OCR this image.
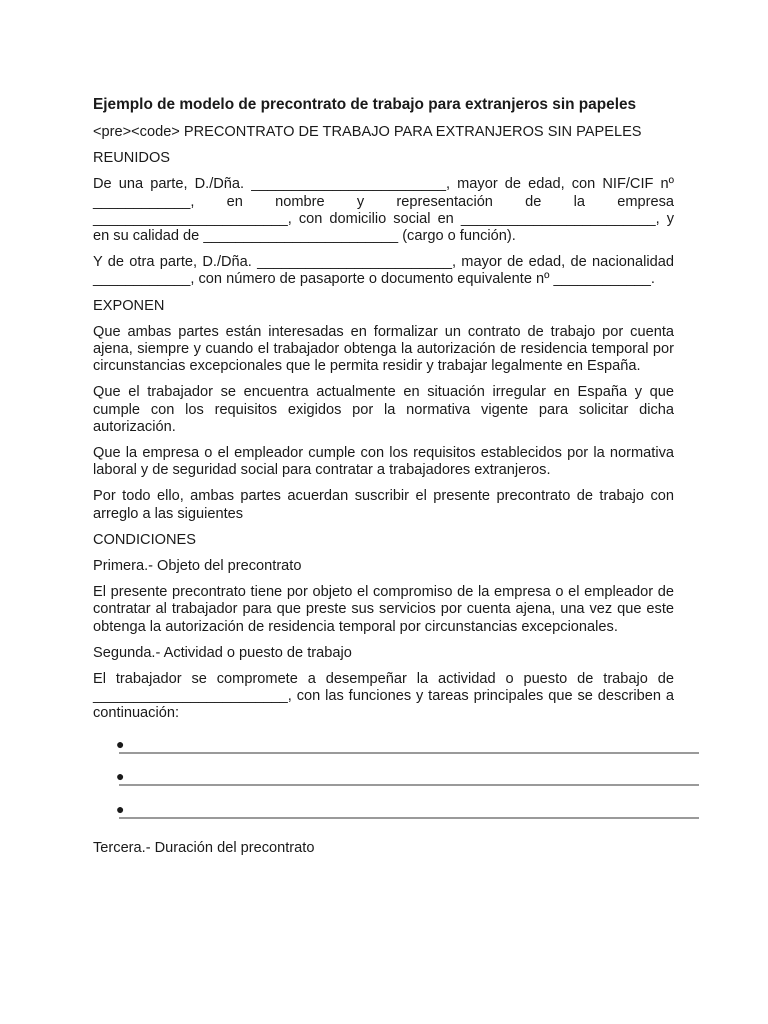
Ejemplo de modelo de precontrato de trabajo para extranjeros sin papeles

<pre><code> PRECONTRATO DE TRABAJO PARA EXTRANJEROS SIN PAPELES

REUNIDOS

De una parte, D./Dña. ________________________, mayor de edad, con NIF/CIF nº ____________, en nombre y representación de la empresa ________________________, con domicilio social en ________________________, y en su calidad de ________________________ (cargo o función).

Y de otra parte, D./Dña. ________________________, mayor de edad, de nacionalidad ____________, con número de pasaporte o documento equivalente nº ____________.

EXPONEN

Que ambas partes están interesadas en formalizar un contrato de trabajo por cuenta ajena, siempre y cuando el trabajador obtenga la autorización de residencia temporal por circunstancias excepcionales que le permita residir y trabajar legalmente en España.

Que el trabajador se encuentra actualmente en situación irregular en España y que cumple con los requisitos exigidos por la normativa vigente para solicitar dicha autorización.

Que la empresa o el empleador cumple con los requisitos establecidos por la normativa laboral y de seguridad social para contratar a trabajadores extranjeros.

Por todo ello, ambas partes acuerdan suscribir el presente precontrato de trabajo con arreglo a las siguientes

CONDICIONES

Primera.- Objeto del precontrato

El presente precontrato tiene por objeto el compromiso de la empresa o el empleador de contratar al trabajador para que preste sus servicios por cuenta ajena, una vez que este obtenga la autorización de residencia temporal por circunstancias excepcionales.

Segunda.- Actividad o puesto de trabajo

El trabajador se compromete a desempeñar la actividad o puesto de trabajo de ________________________, con las funciones y tareas principales que se describen a continuación:

●
●
●

Tercera.- Duración del precontrato
